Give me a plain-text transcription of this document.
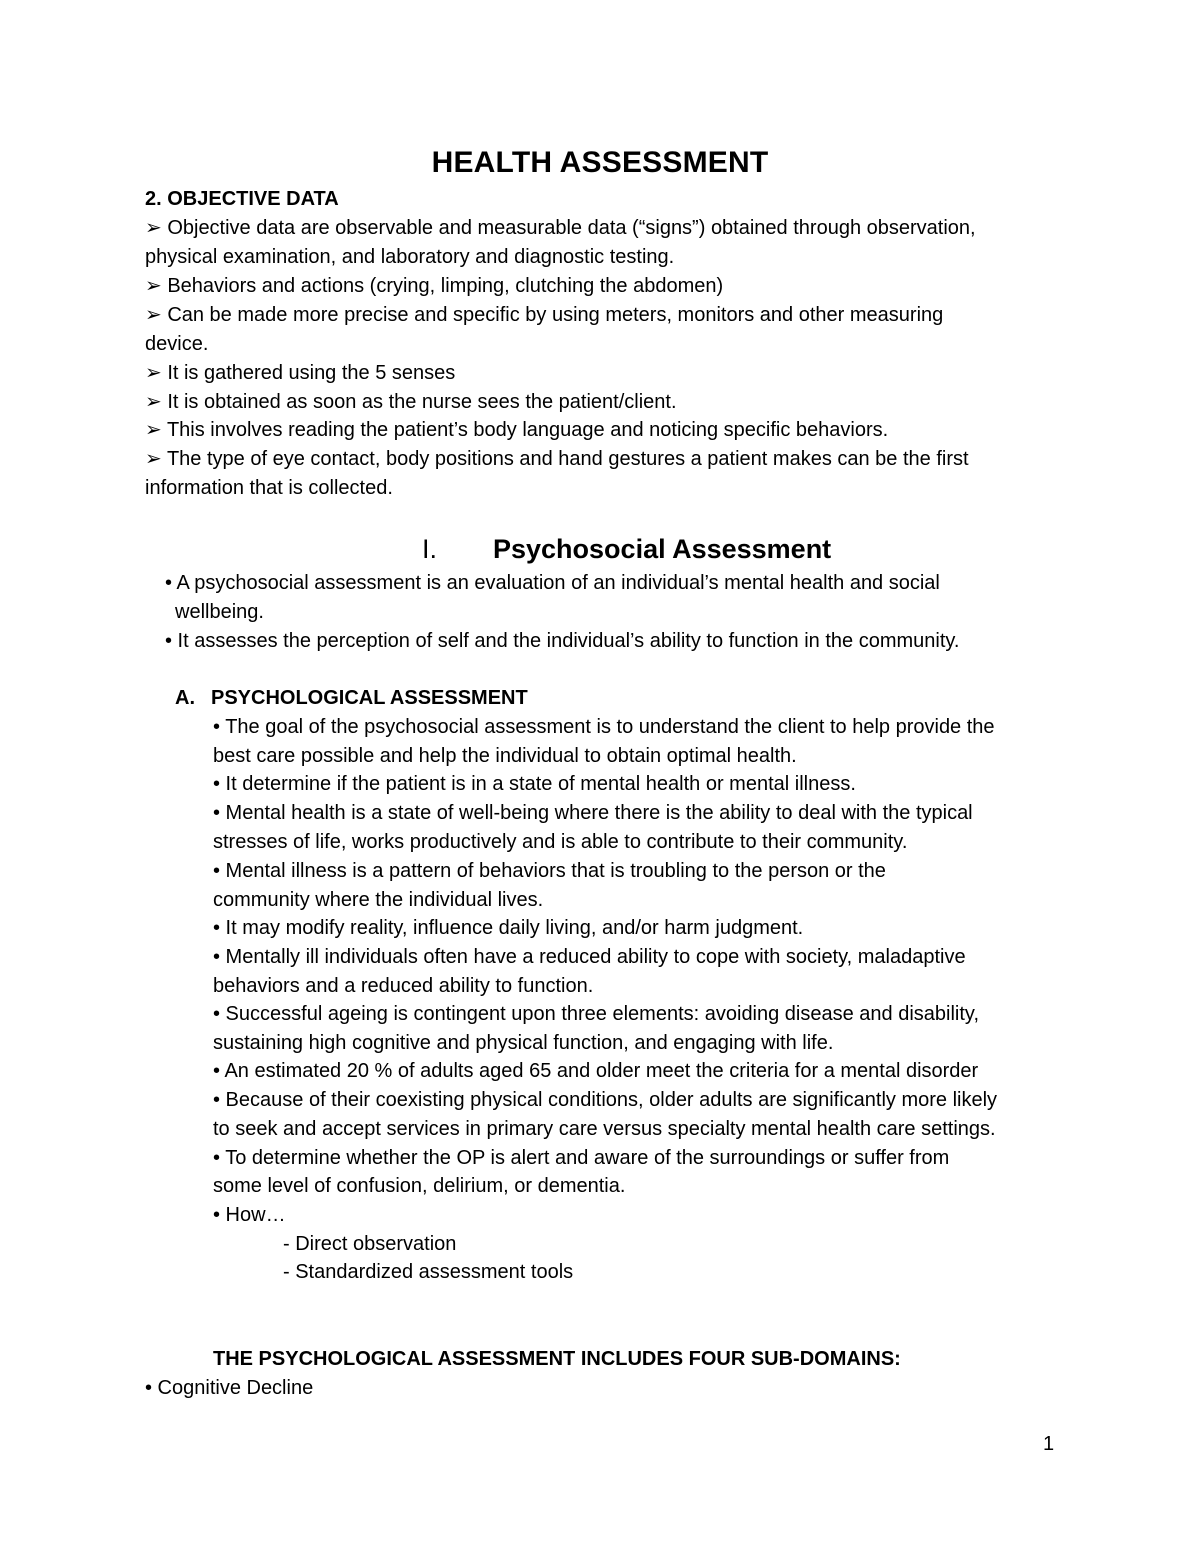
HEALTH ASSESSMENT
2. OBJECTIVE DATA
➢ Objective data are observable and measurable data (“signs”) obtained through observation,
physical examination, and laboratory and diagnostic testing.
➢ Behaviors and actions (crying, limping, clutching the abdomen)
➢ Can be made more precise and specific by using meters, monitors and other measuring
device.
➢ It is gathered using the 5 senses
➢ It is obtained as soon as the nurse sees the patient/client.
➢ This involves reading the patient’s body language and noticing specific behaviors.
➢ The type of eye contact, body positions and hand gestures a patient makes can be the first
information that is collected.
I. Psychosocial Assessment
• A psychosocial assessment is an evaluation of an individual’s mental health and social
wellbeing.
• It assesses the perception of self and the individual’s ability to function in the community.
A. PSYCHOLOGICAL ASSESSMENT
• The goal of the psychosocial assessment is to understand the client to help provide the
best care possible and help the individual to obtain optimal health.
• It determine if the patient is in a state of mental health or mental illness.
• Mental health is a state of well-being where there is the ability to deal with the typical
stresses of life, works productively and is able to contribute to their community.
• Mental illness is a pattern of behaviors that is troubling to the person or the
community where the individual lives.
• It may modify reality, influence daily living, and/or harm judgment.
• Mentally ill individuals often have a reduced ability to cope with society, maladaptive
behaviors and a reduced ability to function.
• Successful ageing is contingent upon three elements: avoiding disease and disability,
sustaining high cognitive and physical function, and engaging with life.
• An estimated 20 % of adults aged 65 and older meet the criteria for a mental disorder
• Because of their coexisting physical conditions, older adults are significantly more likely
to seek and accept services in primary care versus specialty mental health care settings.
• To determine whether the OP is alert and aware of the surroundings or suffer from
some level of confusion, delirium, or dementia.
• How…
- Direct observation
- Standardized assessment tools
THE PSYCHOLOGICAL ASSESSMENT INCLUDES FOUR SUB-DOMAINS:
• Cognitive Decline
1
